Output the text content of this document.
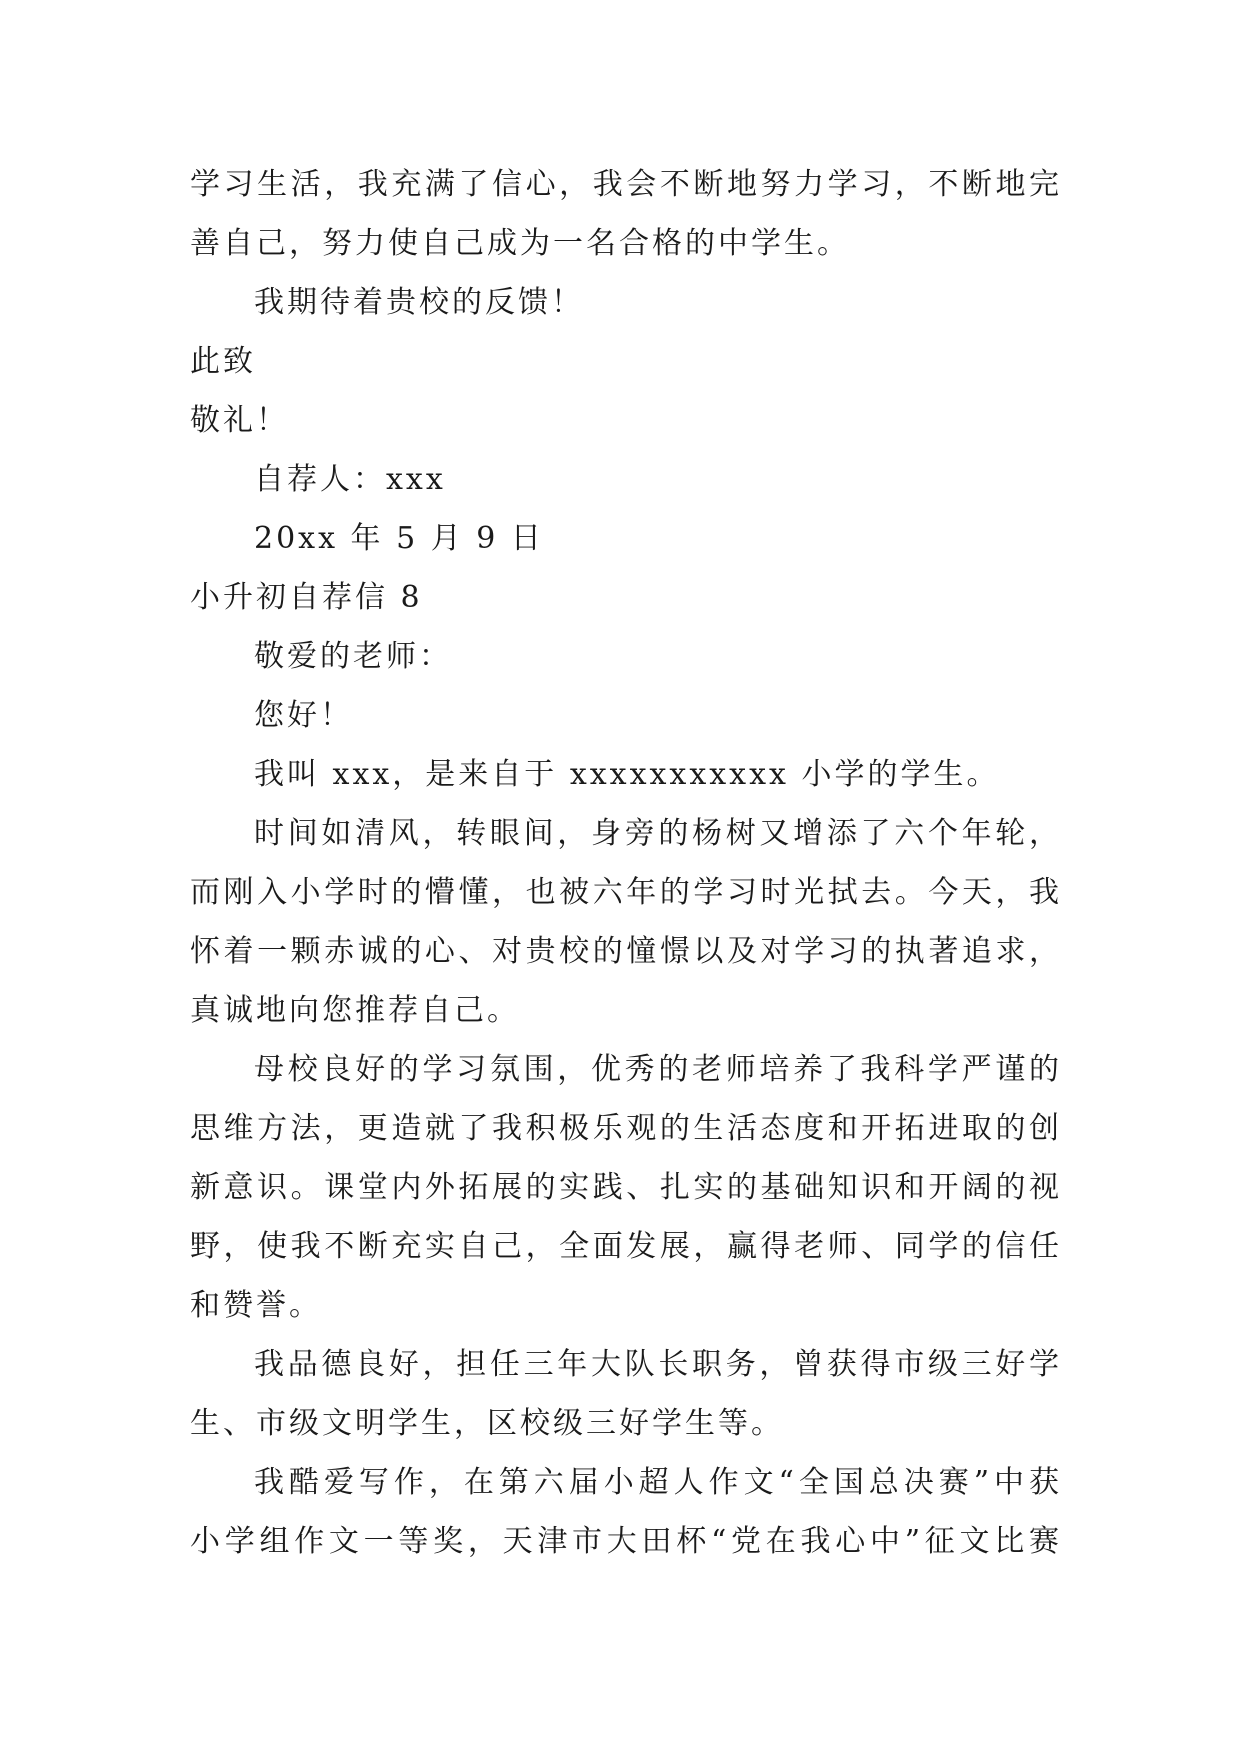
学习生活，我充满了信心，我会不断地努力学习，不断地完
善自己，努力使自己成为一名合格的中学生。
我期待着贵校的反馈！
此致
敬礼！
自荐人：xxx
20xx 年 5 月 9 日
小升初自荐信 8
敬爱的老师：
您好！
我叫 xxx，是来自于 xxxxxxxxxxx 小学的学生。
时间如清风，转眼间，身旁的杨树又增添了六个年轮，
而刚入小学时的懵懂，也被六年的学习时光拭去。今天，我
怀着一颗赤诚的心、对贵校的憧憬以及对学习的执著追求，
真诚地向您推荐自己。
母校良好的学习氛围，优秀的老师培养了我科学严谨的
思维方法，更造就了我积极乐观的生活态度和开拓进取的创
新意识。课堂内外拓展的实践、扎实的基础知识和开阔的视
野，使我不断充实自己，全面发展，赢得老师、同学的信任
和赞誉。
我品德良好，担任三年大队长职务，曾获得市级三好学
生、市级文明学生，区校级三好学生等。
我酷爱写作，在第六届小超人作文“全国总决赛”中获
小学组作文一等奖，天津市大田杯“党在我心中”征文比赛
